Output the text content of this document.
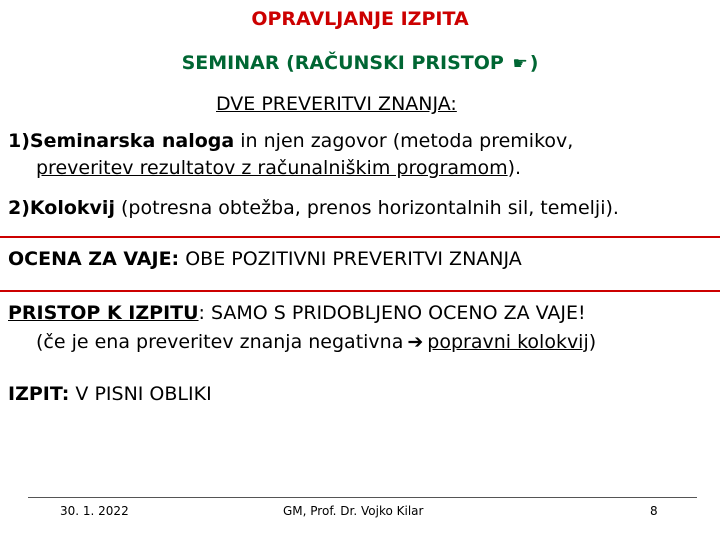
OPRAVLJANJE IZPITA
SEMINAR (RAČUNSKI PRISTOP ☛ )
DVE PREVERITVI ZNANJA:
1)Seminarska naloga in njen zagovor (metoda premikov,
preveritev rezultatov z računalniškim programom).
2)Kolokvij (potresna obtežba, prenos horizontalnih sil, temelji).
OCENA ZA VAJE: OBE POZITIVNI PREVERITVI ZNANJA
PRISTOP K IZPITU: SAMO S PRIDOBLJENO OCENO ZA VAJE!
(če je ena preveritev znanja negativna ➔ popravni kolokvij)
IZPIT: V PISNI OBLIKI
30. 1. 2022	GM, Prof. Dr. Vojko Kilar	8
